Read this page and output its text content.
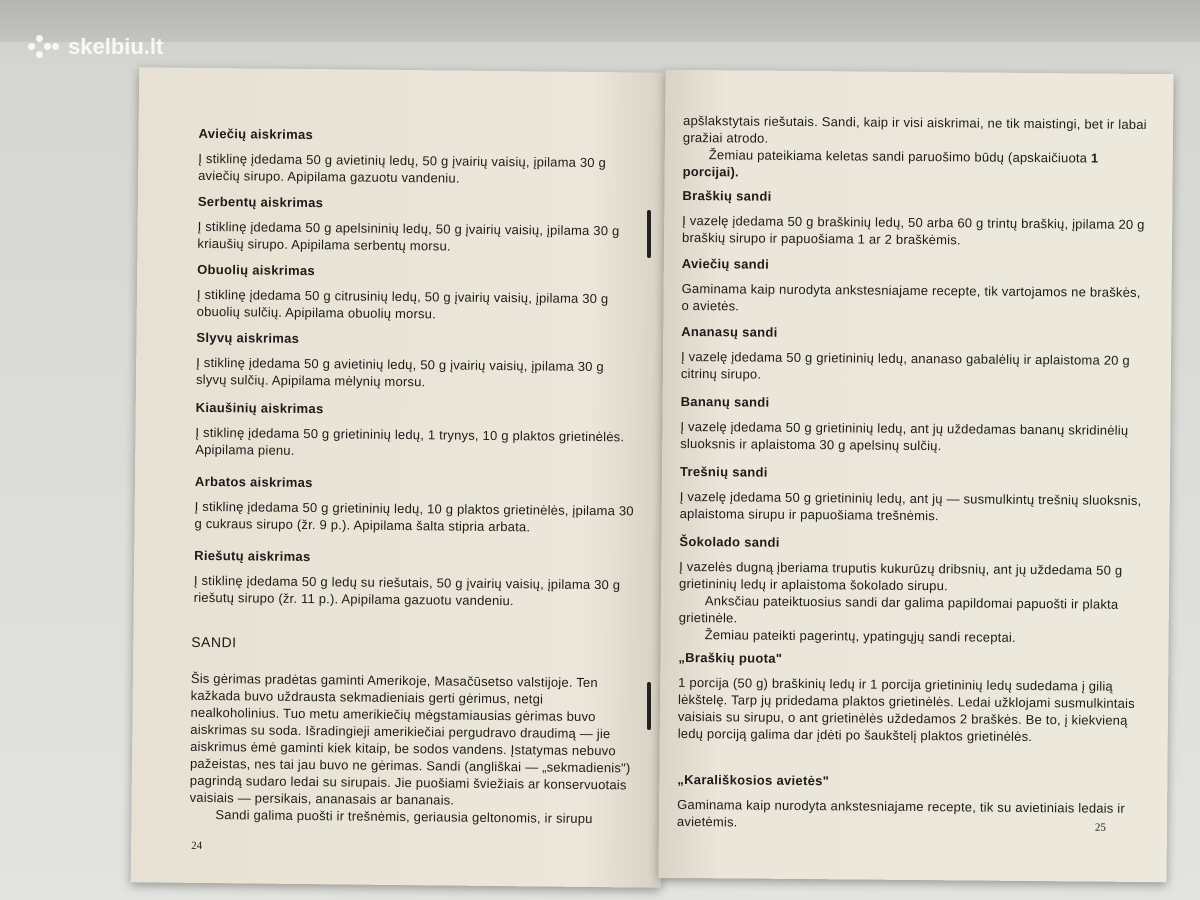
skelbiu.lt
Aviečių aiskrimas
Į stiklinę įdedama 50 g avietinių ledų, 50 g įvairių vaisių, įpilama 30 g aviečių sirupo. Apipilama gazuotu vandeniu.
Serbentų aiskrimas
Į stiklinę įdedama 50 g apelsininių ledų, 50 g įvairių vaisių, įpilama 30 g kriaušių sirupo. Apipilama serbentų morsu.
Obuolių aiskrimas
Į stiklinę įdedama 50 g citrusinių ledų, 50 g įvairių vaisių, įpilama 30 g obuolių sulčių. Apipilama obuolių morsu.
Slyvų aiskrimas
Į stiklinę įdedama 50 g avietinių ledų, 50 g įvairių vaisių, įpilama 30 g slyvų sulčių. Apipilama mėlynių morsu.
Kiaušinių aiskrimas
Į stiklinę įdedama 50 g grietininių ledų, 1 trynys, 10 g plaktos grietinėlės. Apipilama pienu.
Arbatos aiskrimas
Į stiklinę įdedama 50 g grietininių ledų, 10 g plaktos grietinėlės, įpilama 30 g cukraus sirupo (žr. 9 p.). Apipilama šalta stipria arbata.
Riešutų aiskrimas
Į stiklinę įdedama 50 g ledų su riešutais, 50 g įvairių vaisių, įpilama 30 g riešutų sirupo (žr. 11 p.). Apipilama gazuotu vandeniu.
SANDI
Šis gėrimas pradėtas gaminti Amerikoje, Masačūsetso valstijoje. Ten kažkada buvo uždrausta sekmadieniais gerti gėrimus, netgi nealkoholinius. Tuo metu amerikiečių mėgstamiausias gėrimas buvo aiskrimas su soda. Išradingieji amerikiečiai pergudravo draudimą — jie aiskrimus ėmė gaminti kiek kitaip, be sodos vandens. Įstatymas nebuvo pažeistas, nes tai jau buvo ne gėrimas. Sandi (angliškai — „sekmadienis") pagrindą sudaro ledai su sirupais. Jie puošiami šviežiais ar konservuotais vaisiais — persikais, ananasais ar bananais.
Sandi galima puošti ir trešnėmis, geriausia geltonomis, ir sirupu
24
apšlakstytais riešutais. Sandi, kaip ir visi aiskrimai, ne tik maistingi, bet ir labai gražiai atrodo.
Žemiau pateikiama keletas sandi paruošimo būdų (apskaičiuota 1 porcijai).
Braškių sandi
Į vazelę įdedama 50 g braškinių ledų, 50 arba 60 g trintų braškių, įpilama 20 g braškių sirupo ir papuošiama 1 ar 2 braškėmis.
Aviečių sandi
Gaminama kaip nurodyta ankstesniajame recepte, tik vartojamos ne braškės, o avietės.
Ananasų sandi
Į vazelę įdedama 50 g grietininių ledų, ananaso gabalėlių ir aplaistoma 20 g citrinų sirupo.
Bananų sandi
Į vazelę įdedama 50 g grietininių ledų, ant jų uždedamas bananų skridinėlių sluoksnis ir aplaistoma 30 g apelsinų sulčių.
Trešnių sandi
Į vazelę įdedama 50 g grietininių ledų, ant jų — susmulkintų trešnių sluoksnis, aplaistoma sirupu ir papuošiama trešnėmis.
Šokolado sandi
Į vazelės dugną įberiama truputis kukurūzų dribsnių, ant jų uždedama 50 g grietininių ledų ir aplaistoma šokolado sirupu.
Anksčiau pateiktuosius sandi dar galima papildomai papuošti ir plakta grietinėle.
Žemiau pateikti pagerintų, ypatingųjų sandi receptai.
„Braškių puota"
1 porcija (50 g) braškinių ledų ir 1 porcija grietininių ledų sudedama į gilią lėkštelę. Tarp jų pridedama plaktos grietinėlės. Ledai užklojami susmulkintais vaisiais su sirupu, o ant grietinėlės uždedamos 2 braškės. Be to, į kiekvieną ledų porciją galima dar įdėti po šaukštelį plaktos grietinėlės.
„Karališkosios avietės"
Gaminama kaip nurodyta ankstesniajame recepte, tik su avietiniais ledais ir avietėmis.	25
